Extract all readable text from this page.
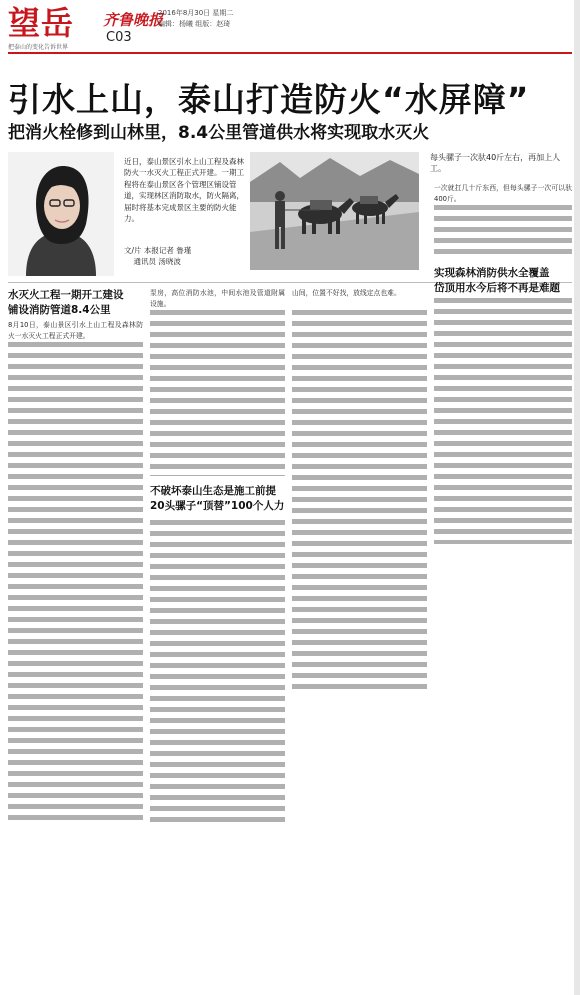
望岳
把泰山的变化告诉世界
齐鲁晚报
C03
2016年8月30日 星期二
编辑：杨曦 组版：赵琦
引水上山，泰山打造防火“水屏障”
把消火栓修到山林里，8.4公里管道供水将实现取水灭火
每头骡子一次驮40斤左右，再加上人工。
近日，泰山景区引水上山工程及森林防火一水灭火工程正式开建。一期工程将在泰山景区各个管理区铺设管道，实现林区消防取水，防火隔离，届时将基本完成景区主要的防火能力。
文/片 本报记者 鲁瑾
通讯员 汤晓波
水灭火工程一期开工建设
铺设消防管道8.4公里
8月10日，泰山景区引水上山工程及森林防火一水灭火工程正式开建。
泵房，高位消防水池，中间水池及管道附属设施。
不破坏泰山生态是施工前提
20头骡子“顶替”100个人力
山间，位置不好找，放线定点也难。
一次就扛几十斤东西，但每头骡子一次可以驮400斤。
实现森林消防供水全覆盖
岱顶用水今后将不再是难题
